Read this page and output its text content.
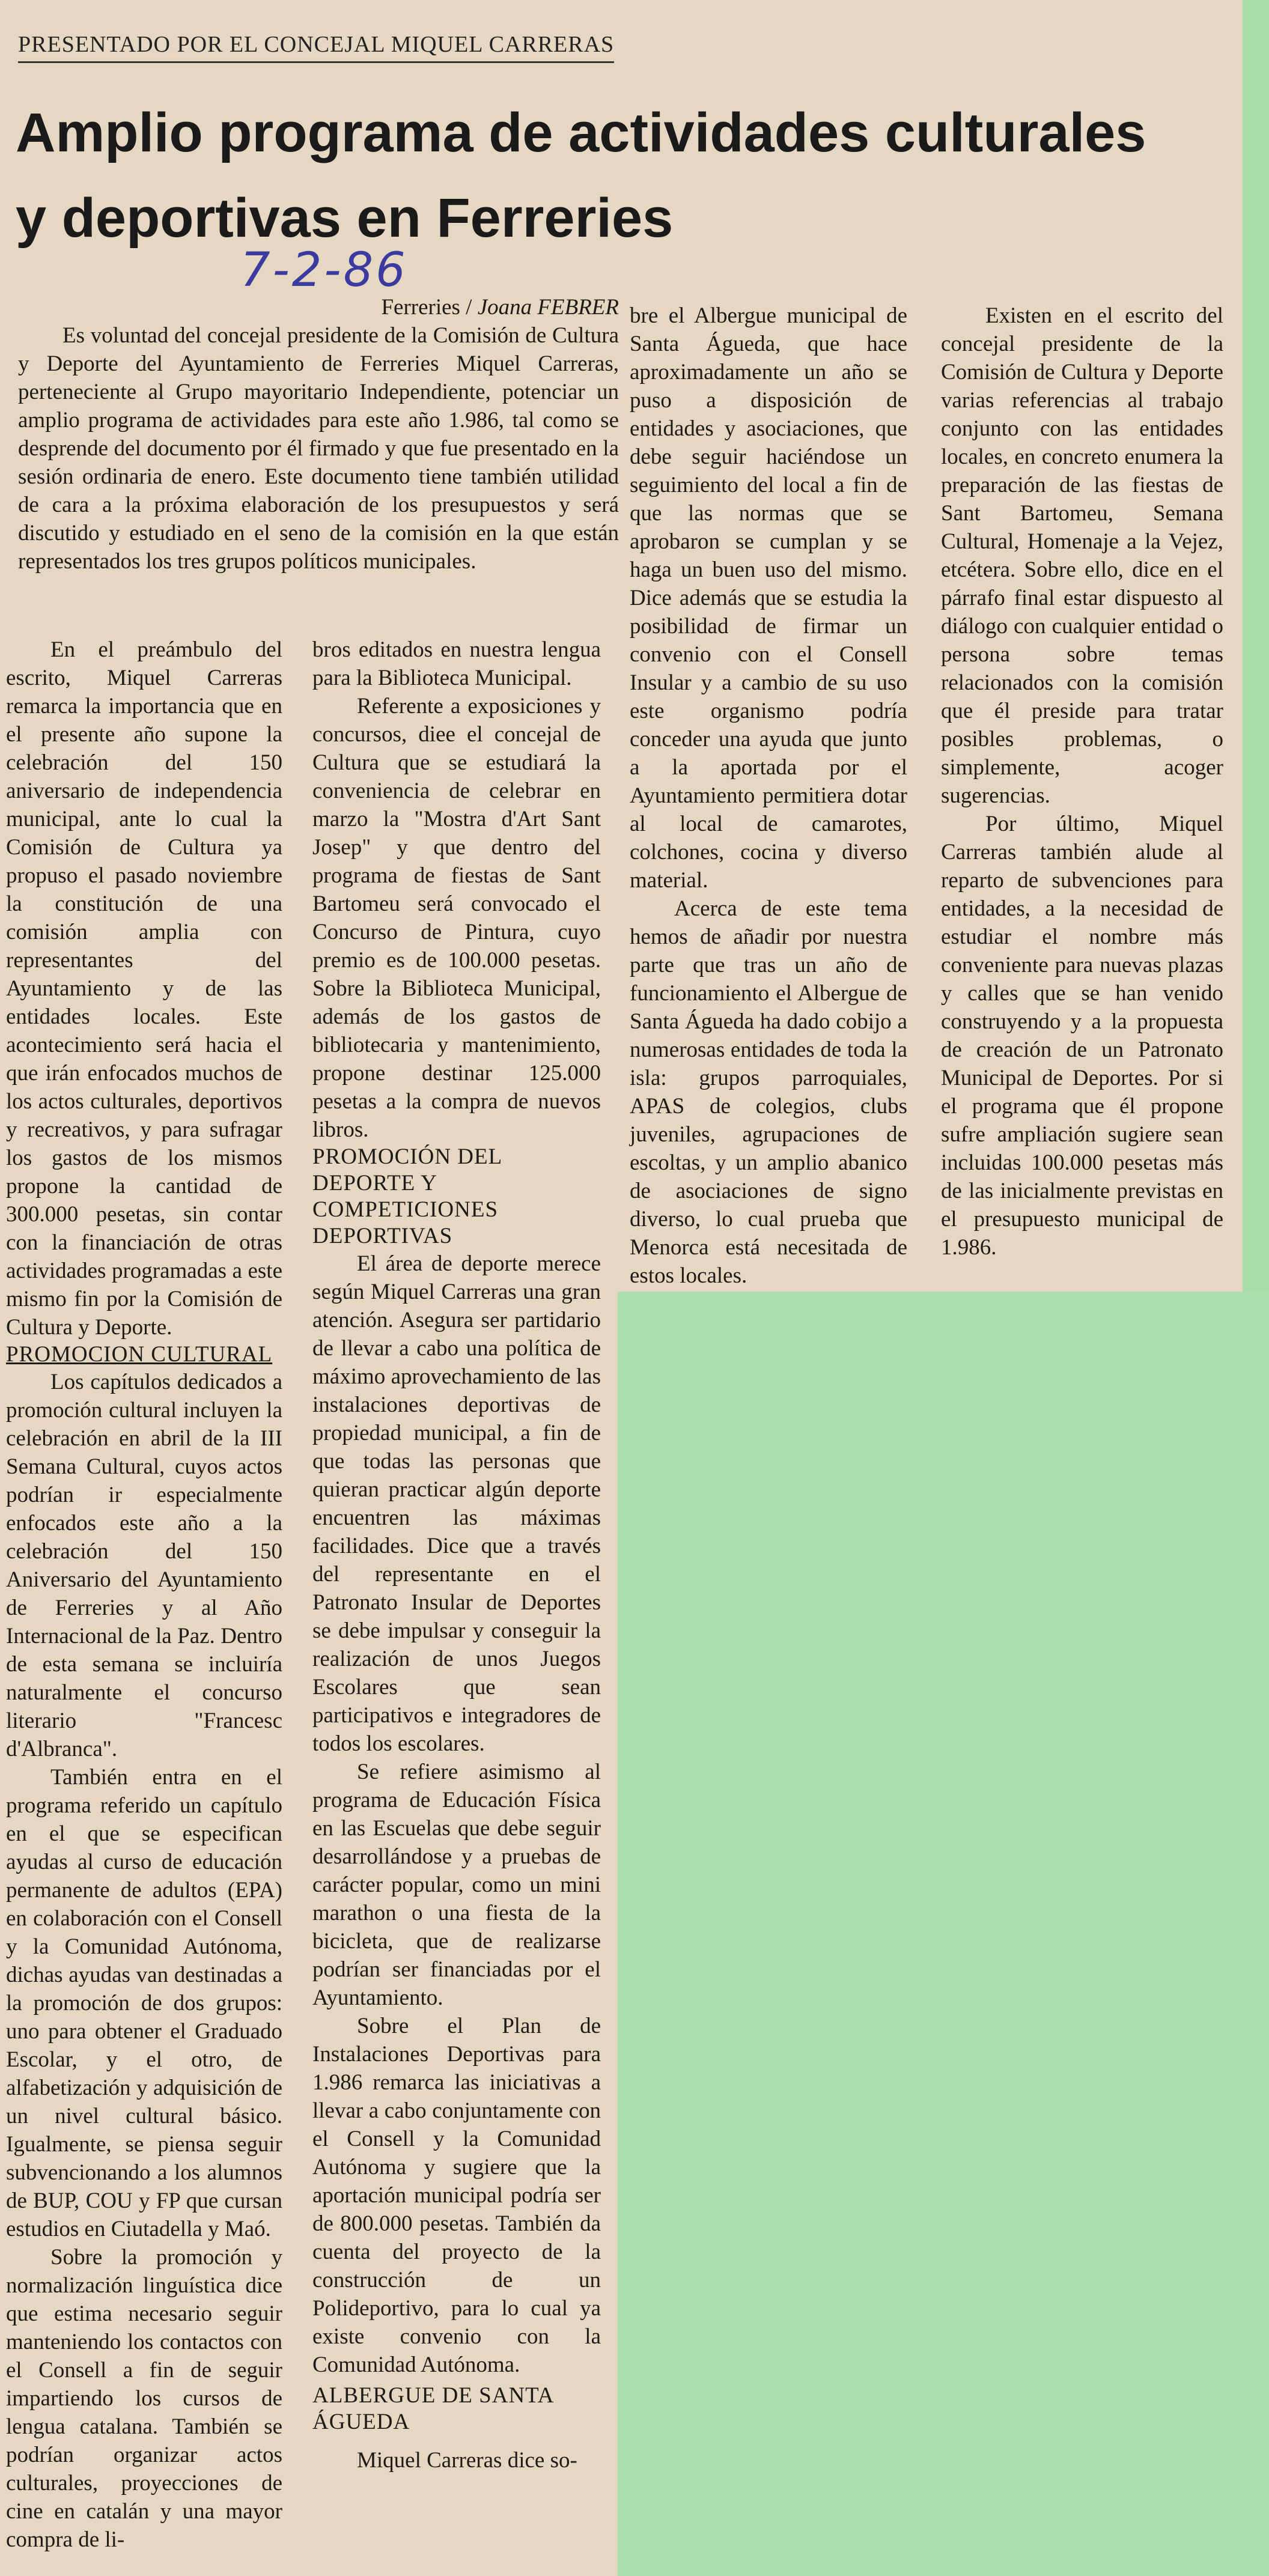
PRESENTADO POR EL CONCEJAL MIQUEL CARRERAS
Amplio programa de actividades culturales y deportivas en Ferreries
7-2-86

Ferreries / Joana FEBRER

Es voluntad del concejal presidente de la Comisión de Cultura y Deporte del Ayuntamiento de Ferreries Miquel Carreras, perteneciente al Grupo mayoritario Independiente, potenciar un amplio programa de actividades para este año 1.986, tal como se desprende del documento por él firmado y que fue presentado en la sesión ordinaria de enero. Este documento tiene también utilidad de cara a la próxima elaboración de los presupuestos y será discutido y estudiado en el seno de la comisión en la que están representados los tres grupos políticos municipales.

En el preámbulo del escrito, Miquel Carreras remarca la importancia que en el presente año supone la celebración del 150 aniversario de independencia municipal, ante lo cual la Comisión de Cultura ya propuso el pasado noviembre la constitución de una comisión amplia con representantes del Ayuntamiento y de las entidades locales. Este acontecimiento será hacia el que irán enfocados muchos de los actos culturales, deportivos y recreativos, y para sufragar los gastos de los mismos propone la cantidad de 300.000 pesetas, sin contar con la financiación de otras actividades programadas a este mismo fin por la Comisión de Cultura y Deporte.

PROMOCION CULTURAL

Los capítulos dedicados a promoción cultural incluyen la celebración en abril de la III Semana Cultural, cuyos actos podrían ir especialmente enfocados este año a la celebración del 150 Aniversario del Ayuntamiento de Ferreries y al Año Internacional de la Paz. Dentro de esta semana se incluiría naturalmente el concurso literario "Francesc d'Albranca".

También entra en el programa referido un capítulo en el que se especifican ayudas al curso de educación permanente de adultos (EPA) en colaboración con el Consell y la Comunidad Autónoma, dichas ayudas van destinadas a la promoción de dos grupos: uno para obtener el Graduado Escolar, y el otro, de alfabetización y adquisición de un nivel cultural básico. Igualmente, se piensa seguir subvencionando a los alumnos de BUP, COU y FP que cursan estudios en Ciutadella y Maó.

Sobre la promoción y normalización linguística dice que estima necesario seguir manteniendo los contactos con el Consell a fin de seguir impartiendo los cursos de lengua catalana. También se podrían organizar actos culturales, proyecciones de cine en catalán y una mayor compra de li-

bros editados en nuestra lengua para la Biblioteca Municipal.

Referente a exposiciones y concursos, diee el concejal de Cultura que se estudiará la conveniencia de celebrar en marzo la "Mostra d'Art Sant Josep" y que dentro del programa de fiestas de Sant Bartomeu será convocado el Concurso de Pintura, cuyo premio es de 100.000 pesetas. Sobre la Biblioteca Municipal, además de los gastos de bibliotecaria y mantenimiento, propone destinar 125.000 pesetas a la compra de nuevos libros.

PROMOCIÓN DEL DEPORTE Y COMPETICIONES DEPORTIVAS

El área de deporte merece según Miquel Carreras una gran atención. Asegura ser partidario de llevar a cabo una política de máximo aprovechamiento de las instalaciones deportivas de propiedad municipal, a fin de que todas las personas que quieran practicar algún deporte encuentren las máximas facilidades. Dice que a través del representante en el Patronato Insular de Deportes se debe impulsar y conseguir la realización de unos Juegos Escolares que sean participativos e integradores de todos los escolares.

Se refiere asimismo al programa de Educación Física en las Escuelas que debe seguir desarrollándose y a pruebas de carácter popular, como un mini marathon o una fiesta de la bicicleta, que de realizarse podrían ser financiadas por el Ayuntamiento.

Sobre el Plan de Instalaciones Deportivas para 1.986 remarca las iniciativas a llevar a cabo conjuntamente con el Consell y la Comunidad Autónoma y sugiere que la aportación municipal podría ser de 800.000 pesetas. También da cuenta del proyecto de la construcción de un Polideportivo, para lo cual ya existe convenio con la Comunidad Autónoma.

ALBERGUE DE SANTA ÁGUEDA

Miquel Carreras dice so-

bre el Albergue municipal de Santa Águeda, que hace aproximadamente un año se puso a disposición de entidades y asociaciones, que debe seguir haciéndose un seguimiento del local a fin de que las normas que se aprobaron se cumplan y se haga un buen uso del mismo. Dice además que se estudia la posibilidad de firmar un convenio con el Consell Insular y a cambio de su uso este organismo podría conceder una ayuda que junto a la aportada por el Ayuntamiento permitiera dotar al local de camarotes, colchones, cocina y diverso material.

Acerca de este tema hemos de añadir por nuestra parte que tras un año de funcionamiento el Albergue de Santa Águeda ha dado cobijo a numerosas entidades de toda la isla: grupos parroquiales, APAS de colegios, clubs juveniles, agrupaciones de escoltas, y un amplio abanico de asociaciones de signo diverso, lo cual prueba que Menorca está necesitada de estos locales.

Existen en el escrito del concejal presidente de la Comisión de Cultura y Deporte varias referencias al trabajo conjunto con las entidades locales, en concreto enumera la preparación de las fiestas de Sant Bartomeu, Semana Cultural, Homenaje a la Vejez, etcétera. Sobre ello, dice en el párrafo final estar dispuesto al diálogo con cualquier entidad o persona sobre temas relacionados con la comisión que él preside para tratar posibles problemas, o simplemente, acoger sugerencias.

Por último, Miquel Carreras también alude al reparto de subvenciones para entidades, a la necesidad de estudiar el nombre más conveniente para nuevas plazas y calles que se han venido construyendo y a la propuesta de creación de un Patronato Municipal de Deportes. Por si el programa que él propone sufre ampliación sugiere sean incluidas 100.000 pesetas más de las inicialmente previstas en el presupuesto municipal de 1.986.
